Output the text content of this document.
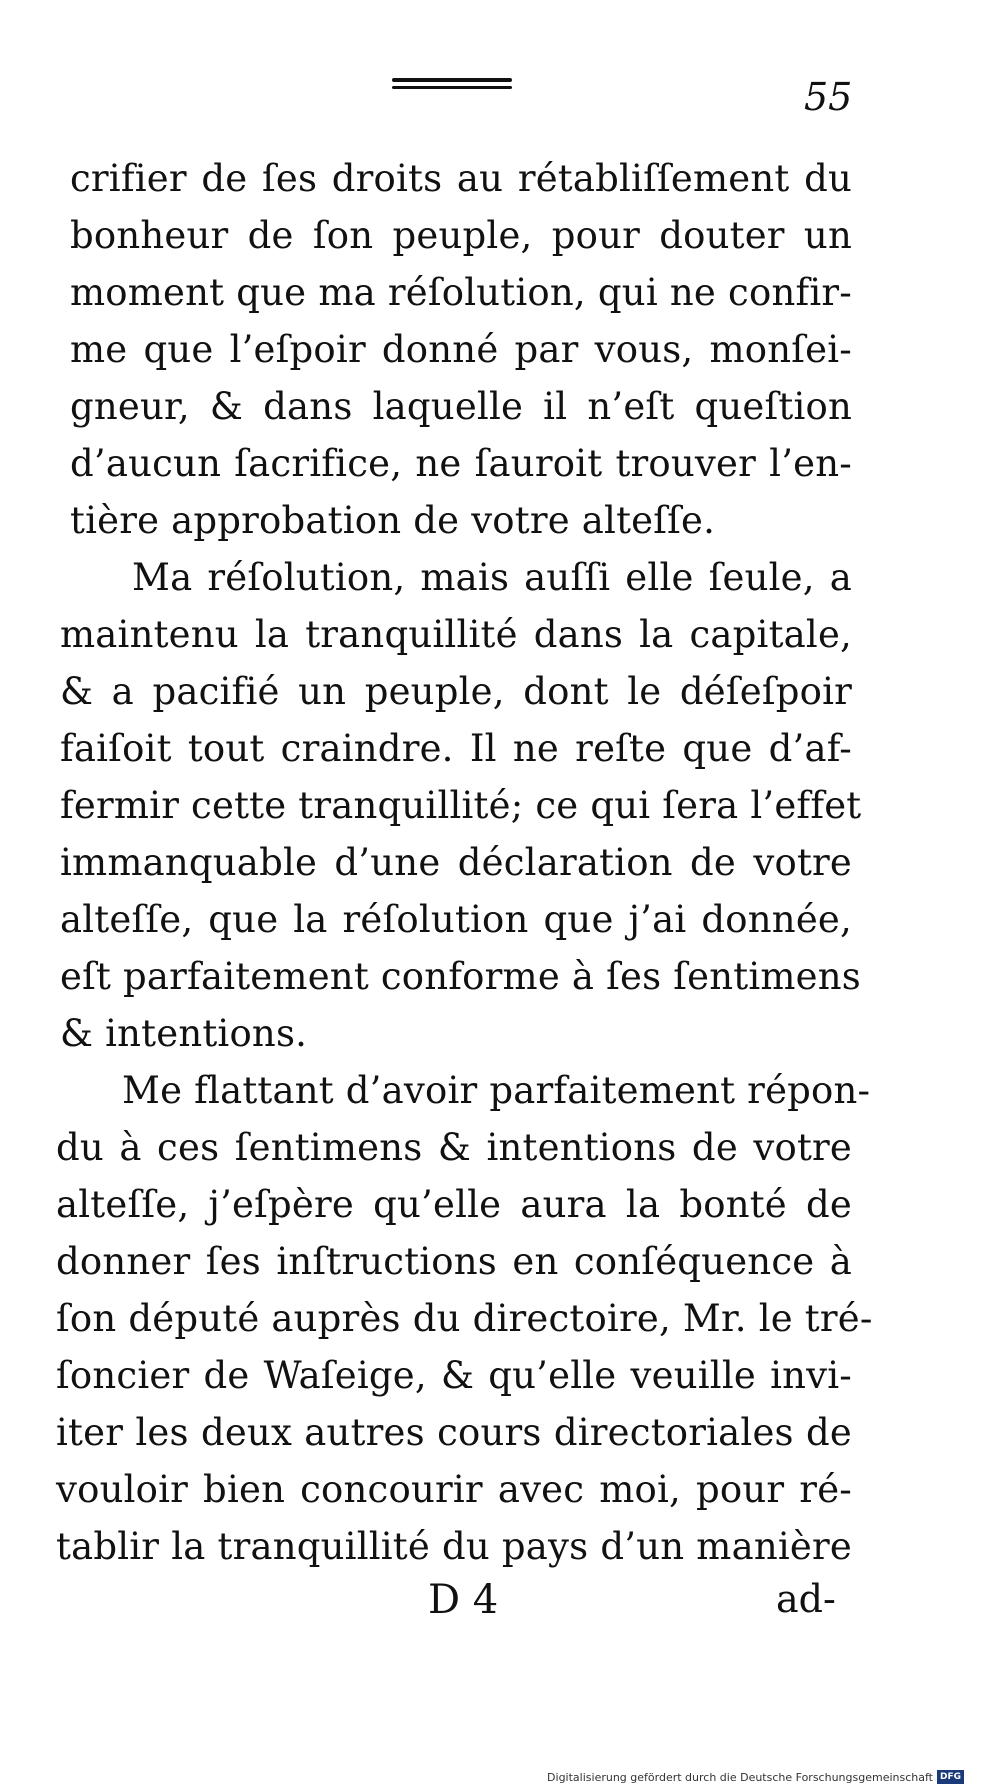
55
crifier de ſes droits au rétabliſſement du
bonheur de ſon peuple, pour douter un
moment que ma réſolution, qui ne confir-
me que l’eſpoir donné par vous, monſei-
gneur, & dans laquelle il n’eſt queſtion
d’aucun ſacrifice, ne ſauroit trouver l’en-
tière approbation de votre alteſſe.
Ma réſolution, mais auſſi elle ſeule, a
maintenu la tranquillité dans la capitale,
& a pacifié un peuple, dont le déſeſpoir
faiſoit tout craindre. Il ne reſte que d’af-
fermir cette tranquillité; ce qui ſera l’effet
immanquable d’une déclaration de votre
alteſſe, que la réſolution que j’ai donnée,
eſt parfaitement conforme à ſes ſentimens
& intentions.
Me flattant d’avoir parfaitement répon-
du à ces ſentimens & intentions de votre
alteſſe, j’eſpère qu’elle aura la bonté de
donner ſes inſtructions en conſéquence à
ſon député auprès du directoire, Mr. le tré-
ſoncier de Waſeige, & qu’elle veuille invi-
iter les deux autres cours directoriales de
vouloir bien concourir avec moi, pour ré-
tablir la tranquillité du pays d’un manière
D 4	ad-
Digitalisierung gefördert durch die Deutsche Forschungsgemeinschaft DFG
